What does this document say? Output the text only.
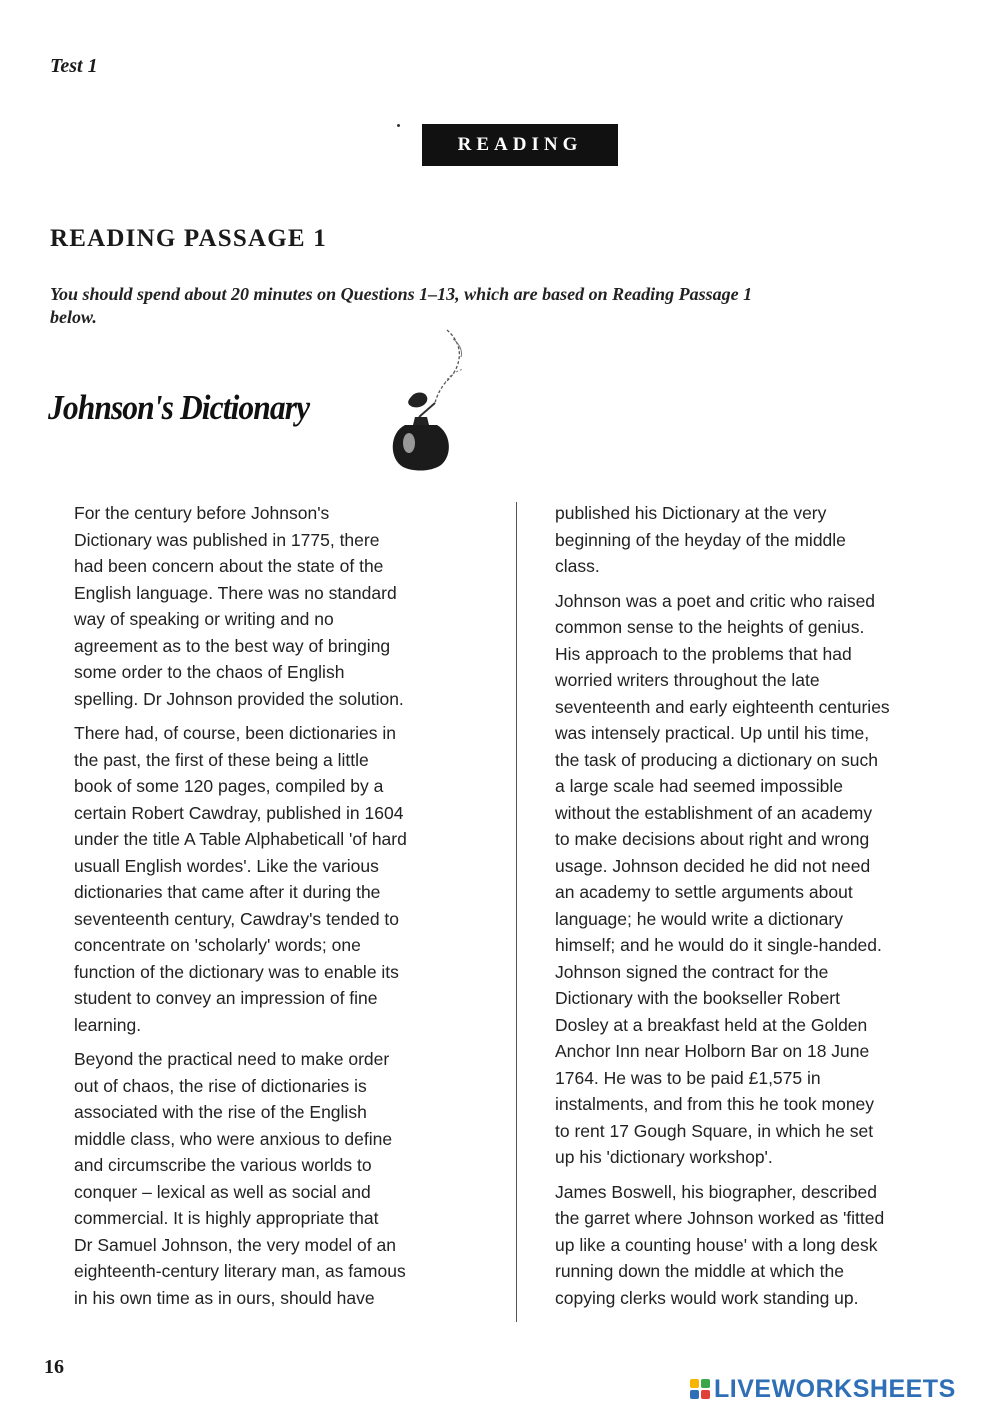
Test 1
READING
READING PASSAGE 1
You should spend about 20 minutes on Questions 1–13, which are based on Reading Passage 1
below.
Johnson's Dictionary

For the century before Johnson's
Dictionary was published in 1775, there
had been concern about the state of the
English language. There was no standard
way of speaking or writing and no
agreement as to the best way of bringing
some order to the chaos of English
spelling. Dr Johnson provided the solution.

There had, of course, been dictionaries in
the past, the first of these being a little
book of some 120 pages, compiled by a
certain Robert Cawdray, published in 1604
under the title A Table Alphabeticall 'of hard
usuall English wordes'. Like the various
dictionaries that came after it during the
seventeenth century, Cawdray's tended to
concentrate on 'scholarly' words; one
function of the dictionary was to enable its
student to convey an impression of fine
learning.

Beyond the practical need to make order
out of chaos, the rise of dictionaries is
associated with the rise of the English
middle class, who were anxious to define
and circumscribe the various worlds to
conquer – lexical as well as social and
commercial. It is highly appropriate that
Dr Samuel Johnson, the very model of an
eighteenth-century literary man, as famous
in his own time as in ours, should have

published his Dictionary at the very
beginning of the heyday of the middle
class.

Johnson was a poet and critic who raised
common sense to the heights of genius.
His approach to the problems that had
worried writers throughout the late
seventeenth and early eighteenth centuries
was intensely practical. Up until his time,
the task of producing a dictionary on such
a large scale had seemed impossible
without the establishment of an academy
to make decisions about right and wrong
usage. Johnson decided he did not need
an academy to settle arguments about
language; he would write a dictionary
himself; and he would do it single-handed.
Johnson signed the contract for the
Dictionary with the bookseller Robert
Dosley at a breakfast held at the Golden
Anchor Inn near Holborn Bar on 18 June
1764. He was to be paid £1,575 in
instalments, and from this he took money
to rent 17 Gough Square, in which he set
up his 'dictionary workshop'.

James Boswell, his biographer, described
the garret where Johnson worked as 'fitted
up like a counting house' with a long desk
running down the middle at which the
copying clerks would work standing up.

16
LIVEWORKSHEETS
